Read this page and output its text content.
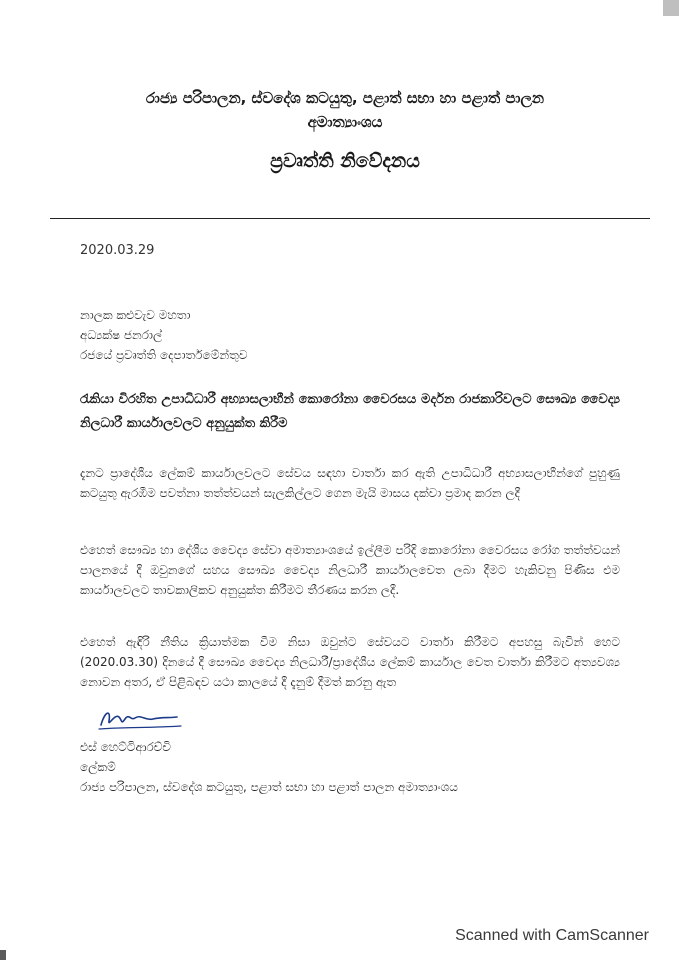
රාජ්‍ය පරිපාලන, ස්වදේශ කටයුතු, පළාත් සභා හා පළාත් පාලන
අමාත්‍යාංශය
ප්‍රවෘත්ති නිවේදනය
2020.03.29
නාලක කළුවැව මහතා
අධ්‍යක්ෂ ජනරාල්
රජයේ ප්‍රවෘත්ති දෙපාර්තමේන්තුව
රැකියා විරහිත උපාධිධාරී අභ්‍යාසලාභීන් කොරෝනා වෛරසය මර්දන රාජකාරිවලට සෞඛ්‍ය වෛද්‍ය නිලධාරී කාර්යාලවලට අනුයුක්ත කිරීම
දැනට ප්‍රාදේශීය ලේකම් කාර්යාලවලට සේවය සඳහා වාර්තා කර ඇති උපාධිධාරී අභ්‍යාසලාභීන්ගේ පුහුණු කටයුතු ඇරඹීම පවත්නා තත්ත්වයන් සැලකිල්ලට ගෙන මැයි මාසය දක්වා ප්‍රමාද කරන ලදී
එහෙත් සෞඛ්‍ය හා දේශීය වෛද්‍ය සේවා අමාත්‍යාංශයේ ඉල්ලීම පරිදි කොරෝනා වෛරසය රෝග තත්ත්වයන් පාලනයේ දී ඔවුනගේ සහය සෞඛ්‍ය වෛද්‍ය නිලධාරී කාර්යාලවෙත ලබා දීමට හැකිවනු පිණිස එම කාර්යාලවලට තාවකාලිකව අනුයුක්ත කිරීමට තීරණය කරන ලදී.
එහෙත් ඇඳිරි නීතිය ක්‍රියාත්මක වීම නිසා ඔවුන්ට සේවයට වාර්තා කිරීමට අපහසු බැවින් හෙට (2020.03.30) දිනයේ දී සෞඛ්‍ය වෛද්‍ය නිලධාරී/ප්‍රාදේශීය ලේකම් කාර්යාල වෙත වාර්තා කිරීමට අත්‍යවශ්‍ය නොවන අතර, ඒ පිළිබඳව යථා කාලයේ දී දැනුම් දීමත් කරනු ඇත
එස් හෙට්ටිආරච්චි
ලේකම්
රාජ්‍ය පරිපාලන, ස්වදේශ කටයුතු, පළාත් සභා හා පළාත් පාලන අමාත්‍යාංශය
Scanned with CamScanner
